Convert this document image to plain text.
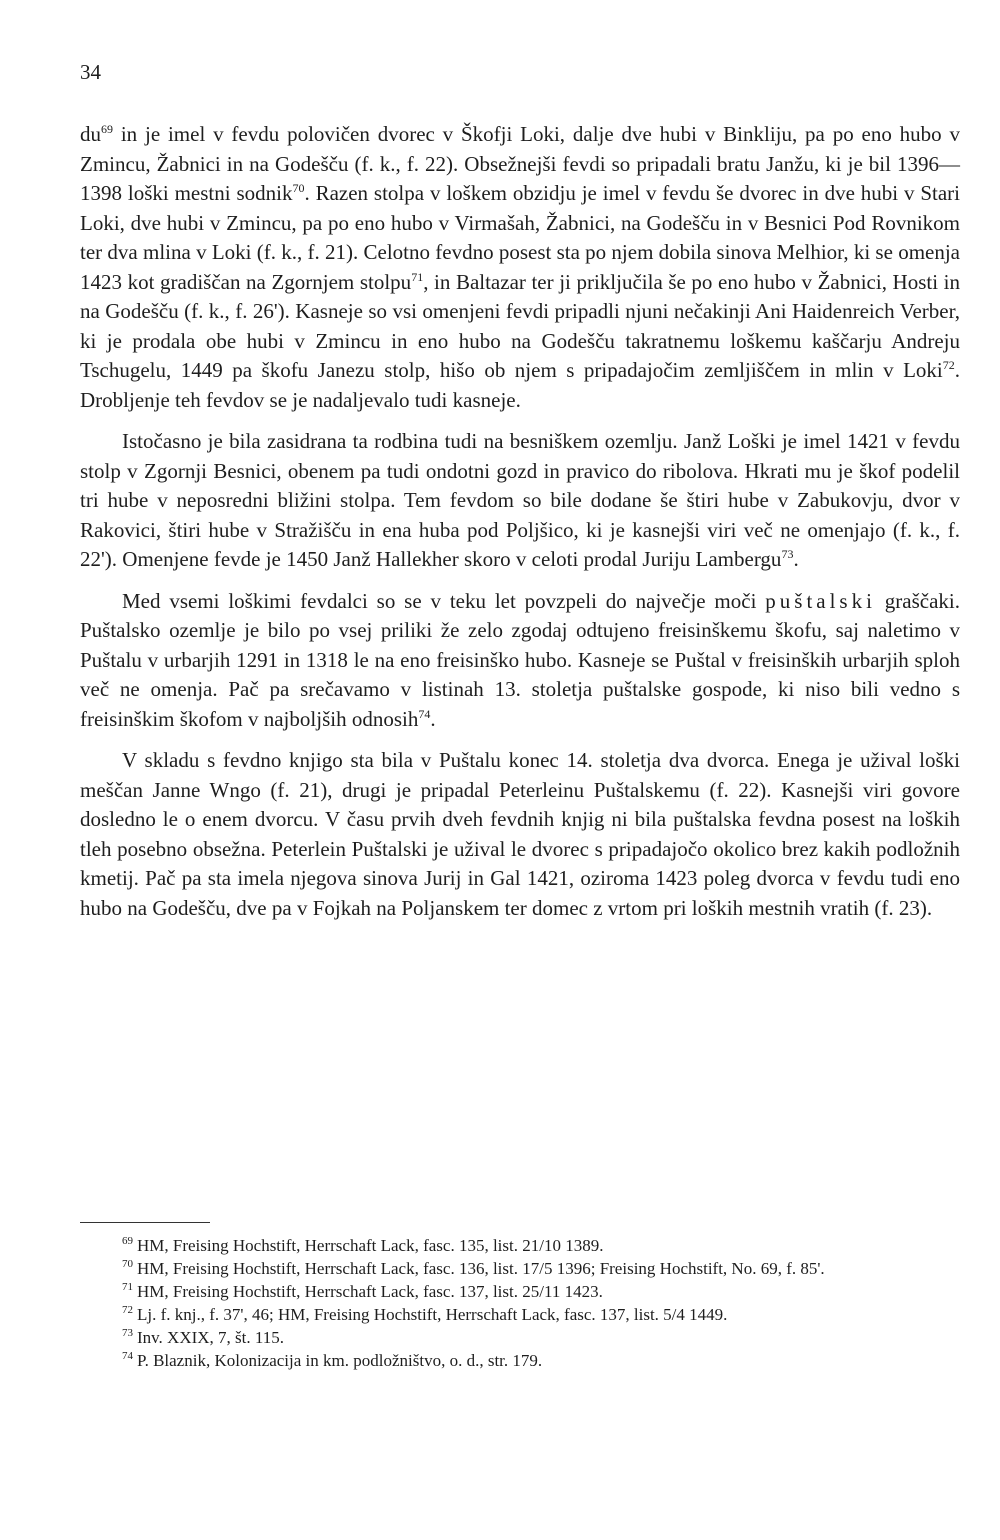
34

$du^{69}$ in je imel v fevdu polovičen dvorec v Škofji Loki, dalje dve hubi v Binkliju, pa po eno hubo v Zmincu, Žabnici in na Godešču (f. k., f. 22). Obsežnejši fevdi so pripadali bratu Janžu, ki je bil 1396—1398 loški mestni sodnik$^{70}$. Razen stolpa v loškem obzidju je imel v fevdu še dvorec in dve hubi v Stari Loki, dve hubi v Zmincu, pa po eno hubo v Virmašah, Žabnici, na Godešču in v Besnici Pod Rovnikom ter dva mlina v Loki (f. k., f. 21). Celotno fevdno posest sta po njem dobila sinova Melhior, ki se omenja 1423 kot gradiščan na Zgornjem stolpu$^{71}$, in Baltazar ter ji priključila še po eno hubo v Žabnici, Hosti in na Godešču (f. k., f. 26'). Kasneje so vsi omenjeni fevdi pripadli njuni nečakinji Ani Haidenreich Verber, ki je prodala obe hubi v Zmincu in eno hubo na Godešču takratnemu loškemu kaščarju Andreju Tschugelu, 1449 pa škofu Janezu stolp, hišo ob njem s pripadajočim zemljiščem in mlin v Loki$^{72}$. Drobljenje teh fevdov se je nadaljevalo tudi kasneje.

Istočasno je bila zasidrana ta rodbina tudi na besniškem ozemlju. Janž Loški je imel 1421 v fevdu stolp v Zgornji Besnici, obenem pa tudi ondotni gozd in pravico do ribolova. Hkrati mu je škof podelil tri hube v neposredni bližini stolpa. Tem fevdom so bile dodane še štiri hube v Zabukovju, dvor v Rakovici, štiri hube v Stražišču in ena huba pod Poljšico, ki je kasnejši viri več ne omenjajo (f. k., f. 22'). Omenjene fevde je 1450 Janž Hallekher skoro v celoti prodal Juriju Lambergu$^{73}$.

Med vsemi loškimi fevdalci so se v teku let povzpeli do največje moči puštalski graščaki. Puštalsko ozemlje je bilo po vsej priliki že zelo zgodaj odtujeno freisinškemu škofu, saj naletimo v Puštalu v urbarjih 1291 in 1318 le na eno freisinško hubo. Kasneje se Puštal v freisinških urbarjih sploh več ne omenja. Pač pa srečavamo v listinah 13. stoletja puštalske gospode, ki niso bili vedno s freisinškim škofom v najboljših odnosih$^{74}$.

V skladu s fevdno knjigo sta bila v Puštalu konec 14. stoletja dva dvorca. Enega je užival loški meščan Janne Wngo (f. 21), drugi je pripadal Peterleinu Puštalskemu (f. 22). Kasnejši viri govore dosledno le o enem dvorcu. V času prvih dveh fevdnih knjig ni bila puštalska fevdna posest na loških tleh posebno obsežna. Peterlein Puštalski je užival le dvorec s pripadajočo okolico brez kakih podložnih kmetij. Pač pa sta imela njegova sinova Jurij in Gal 1421, oziroma 1423 poleg dvorca v fevdu tudi eno hubo na Godešču, dve pa v Fojkah na Poljanskem ter domec z vrtom pri loških mestnih vratih (f. 23).

$^{69}$ HM, Freising Hochstift, Herrschaft Lack, fasc. 135, list. 21/10 1389.

$^{70}$ HM, Freising Hochstift, Herrschaft Lack, fasc. 136, list. 17/5 1396; Freising Hochstift, No. 69, f. 85'.

$^{71}$ HM, Freising Hochstift, Herrschaft Lack, fasc. 137, list. 25/11 1423.

$^{72}$ Lj. f. knj., f. 37', 46; HM, Freising Hochstift, Herrschaft Lack, fasc. 137, list. 5/4 1449.

$^{73}$ Inv. XXIX, 7, št. 115.

$^{74}$ P. Blaznik, Kolonizacija in km. podložništvo, o. d., str. 179.
